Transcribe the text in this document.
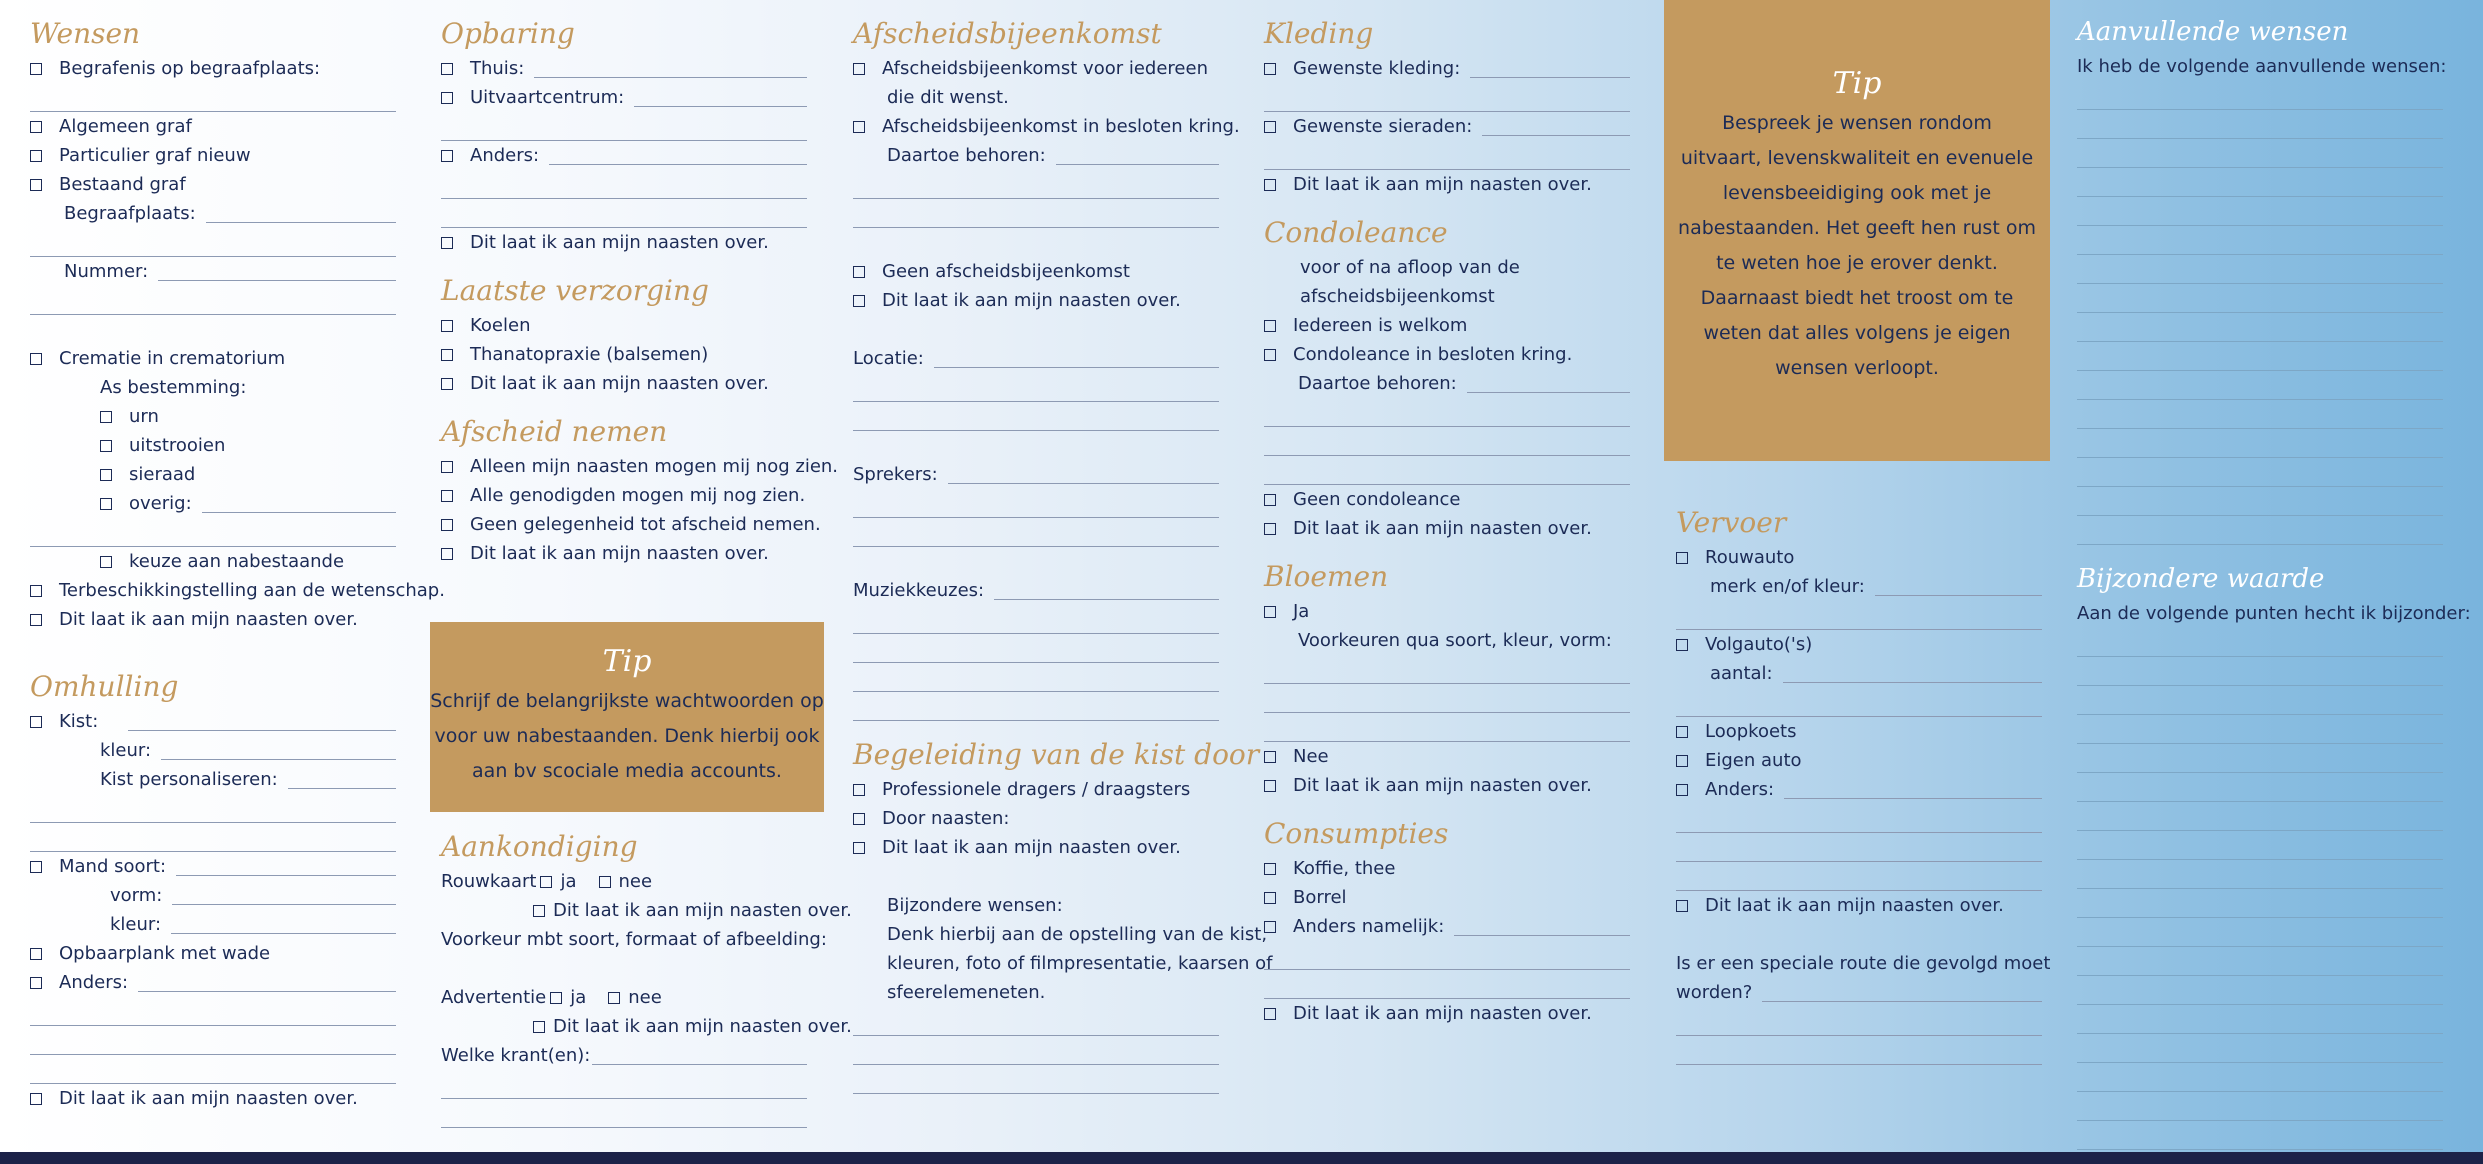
Wensen
Begrafenis op begraafplaats:
Algemeen graf
Particulier graf nieuw
Bestaand graf
Begraafplaats:
Nummer:
Crematie in crematorium
As bestemming:
urn
uitstrooien
sieraad
overig:
keuze aan nabestaande
Terbeschikkingstelling aan de wetenschap.
Dit laat ik aan mijn naasten over.
Omhulling
Kist:
kleur:
Kist personaliseren:
Mand soort:
vorm:
kleur:
Opbaarplank met wade
Anders:
Dit laat ik aan mijn naasten over.
Opbaring
Thuis:
Uitvaartcentrum:
Anders:
Dit laat ik aan mijn naasten over.
Laatste verzorging
Koelen
Thanatopraxie (balsemen)
Dit laat ik aan mijn naasten over.
Afscheid nemen
Alleen mijn naasten mogen mij nog zien.
Alle genodigden mogen mij nog zien.
Geen gelegenheid tot afscheid nemen.
Dit laat ik aan mijn naasten over.
Tip
Schrijf de belangrijkste wachtwoorden op
voor uw nabestaanden. Denk hierbij ook
aan bv scociale media accounts.
Aankondiging
Rouwkaart ja nee
Dit laat ik aan mijn naasten over.
Voorkeur mbt soort, formaat of afbeelding:
Advertentie ja nee
Dit laat ik aan mijn naasten over.
Welke krant(en):
Afscheidsbijeenkomst
Afscheidsbijeenkomst voor iedereen
die dit wenst.
Afscheidsbijeenkomst in besloten kring.
Daartoe behoren:
Geen afscheidsbijeenkomst
Dit laat ik aan mijn naasten over.
Locatie:
Sprekers:
Muziekkeuzes:
Begeleiding van de kist door
Professionele dragers / draagsters
Door naasten:
Dit laat ik aan mijn naasten over.
Bijzondere wensen:
Denk hierbij aan de opstelling van de kist,
kleuren, foto of filmpresentatie, kaarsen of
sfeerelemeneten.
Kleding
Gewenste kleding:
Gewenste sieraden:
Dit laat ik aan mijn naasten over.
Condoleance
voor of na afloop van de
afscheidsbijeenkomst
Iedereen is welkom
Condoleance in besloten kring.
Daartoe behoren:
Geen condoleance
Dit laat ik aan mijn naasten over.
Bloemen
Ja
Voorkeuren qua soort, kleur, vorm:
Nee
Dit laat ik aan mijn naasten over.
Consumpties
Koffie, thee
Borrel
Anders namelijk:
Dit laat ik aan mijn naasten over.
Tip
Bespreek je wensen rondom
uitvaart, levenskwaliteit en evenuele
levensbeeidiging ook met je
nabestaanden. Het geeft hen rust om
te weten hoe je erover denkt.
Daarnaast biedt het troost om te
weten dat alles volgens je eigen
wensen verloopt.
Vervoer
Rouwauto
merk en/of kleur:
Volgauto('s)
aantal:
Loopkoets
Eigen auto
Anders:
Dit laat ik aan mijn naasten over.
Is er een speciale route die gevolgd moet
worden?
Aanvullende wensen
Ik heb de volgende aanvullende wensen:
Bijzondere waarde
Aan de volgende punten hecht ik bijzonder:
